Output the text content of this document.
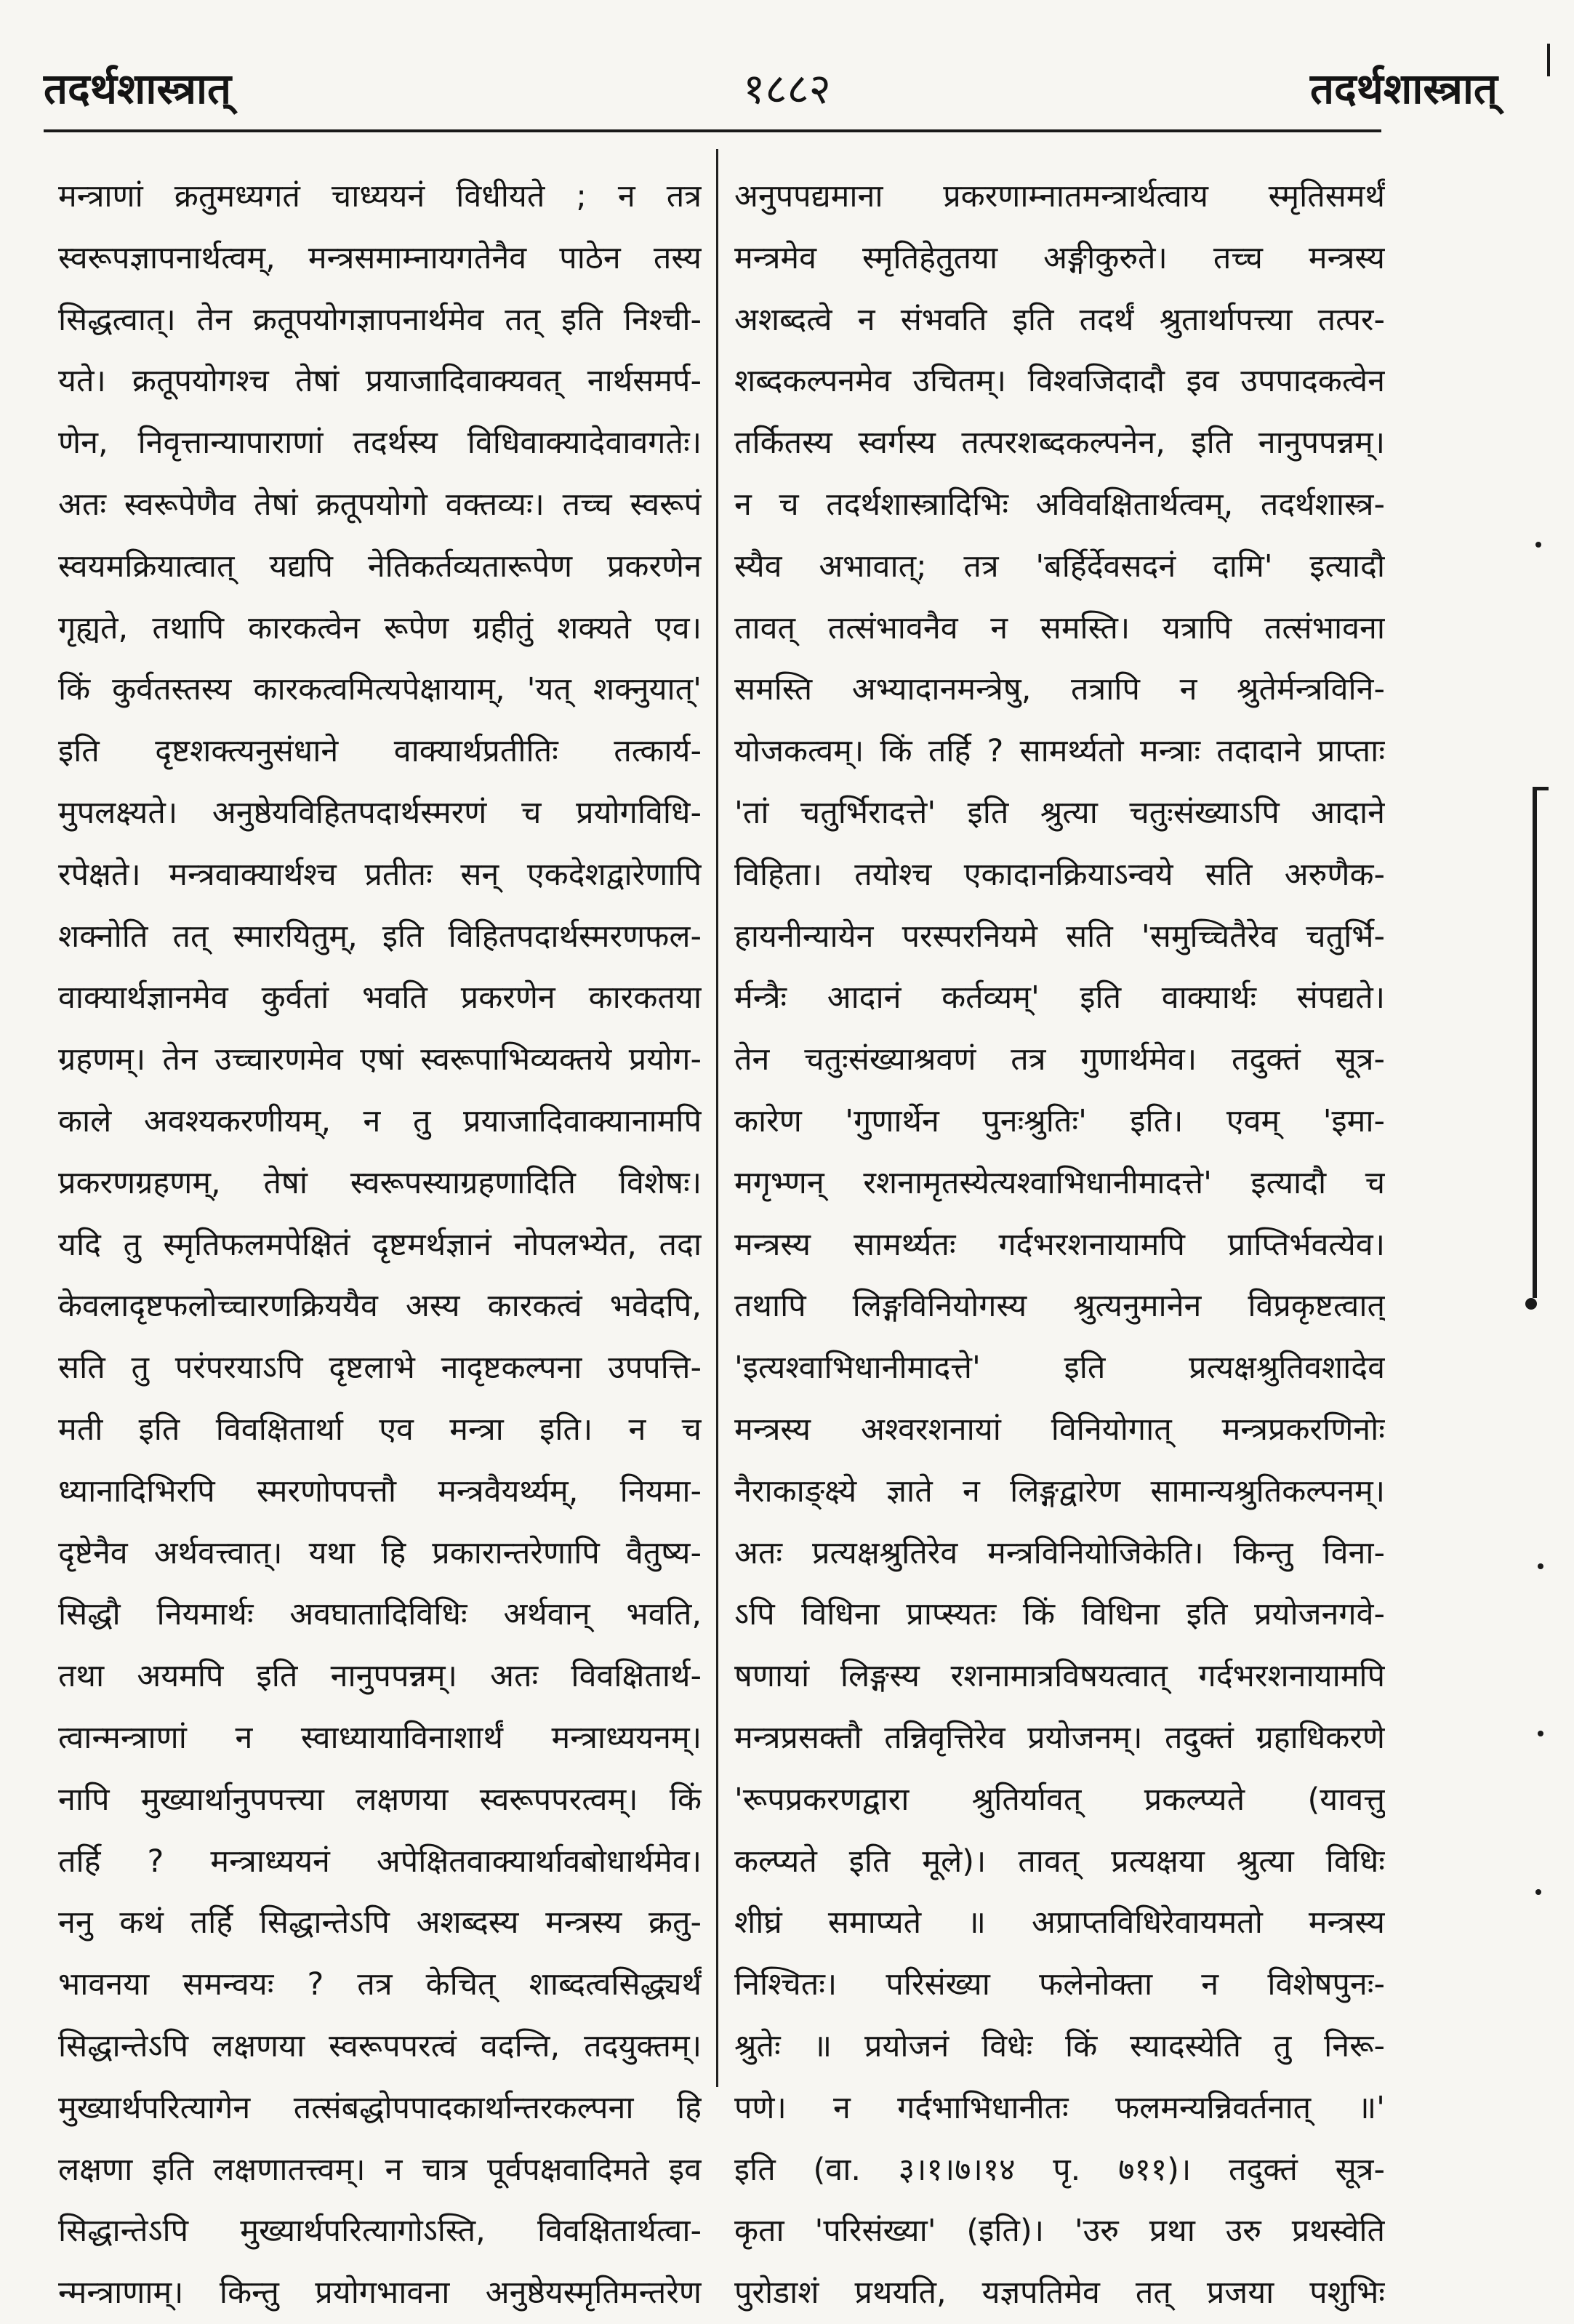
तदर्थशास्त्रात्	१८८२	तदर्थशास्त्रात्
मन्त्राणां क्रतुमध्यगतं चाध्ययनं विधीयते ; न तत्र
स्वरूपज्ञापनार्थत्वम्, मन्त्रसमाम्नायगतेनैव पाठेन तस्य
सिद्धत्वात्। तेन क्रतूपयोगज्ञापनार्थमेव तत् इति निश्ची-
यते। क्रतूपयोगश्च तेषां प्रयाजादिवाक्यवत् नार्थसमर्प-
णेन, निवृत्तान्यापाराणां तदर्थस्य विधिवाक्यादेवावगतेः।
अतः स्वरूपेणैव तेषां क्रतूपयोगो वक्तव्यः। तच्च स्वरूपं
स्वयमक्रियात्वात् यद्यपि नेतिकर्तव्यतारूपेण प्रकरणेन
गृह्यते, तथापि कारकत्वेन रूपेण ग्रहीतुं शक्यते एव।
किं कुर्वतस्तस्य कारकत्वमित्यपेक्षायाम्, 'यत् शक्नुयात्'
इति दृष्टशक्त्यनुसंधाने वाक्यार्थप्रतीतिः तत्कार्य-
मुपलक्ष्यते। अनुष्ठेयविहितपदार्थस्मरणं च प्रयोगविधि-
रपेक्षते। मन्त्रवाक्यार्थश्च प्रतीतः सन् एकदेशद्वारेणापि
शक्नोति तत् स्मारयितुम्, इति विहितपदार्थस्मरणफल-
वाक्यार्थज्ञानमेव कुर्वतां भवति प्रकरणेन कारकतया
ग्रहणम्। तेन उच्चारणमेव एषां स्वरूपाभिव्यक्तये प्रयोग-
काले अवश्यकरणीयम्, न तु प्रयाजादिवाक्यानामपि
प्रकरणग्रहणम्, तेषां स्वरूपस्याग्रहणादिति विशेषः।
यदि तु स्मृतिफलमपेक्षितं दृष्टमर्थज्ञानं नोपलभ्येत, तदा
केवलादृष्टफलोच्चारणक्रिययैव अस्य कारकत्वं भवेदपि,
सति तु परंपरयाऽपि दृष्टलाभे नादृष्टकल्पना उपपत्ति-
मती इति विवक्षितार्था एव मन्त्रा इति। न च
ध्यानादिभिरपि स्मरणोपपत्तौ मन्त्रवैयर्थ्यम्, नियमा-
दृष्टेनैव अर्थवत्त्वात्। यथा हि प्रकारान्तरेणापि वैतुष्य-
सिद्धौ नियमार्थः अवघातादिविधिः अर्थवान् भवति,
तथा अयमपि इति नानुपपन्नम्। अतः विवक्षितार्थ-
त्वान्मन्त्राणां न स्वाध्यायाविनाशार्थं मन्त्राध्ययनम्।
नापि मुख्यार्थानुपपत्त्या लक्षणया स्वरूपपरत्वम्। किं
तर्हि ? मन्त्राध्ययनं अपेक्षितवाक्यार्थावबोधार्थमेव।
ननु कथं तर्हि सिद्धान्तेऽपि अशब्दस्य मन्त्रस्य क्रतु-
भावनया समन्वयः ? तत्र केचित् शाब्दत्वसिद्ध्यर्थं
सिद्धान्तेऽपि लक्षणया स्वरूपपरत्वं वदन्ति, तदयुक्तम्।
मुख्यार्थपरित्यागेन तत्संबद्धोपपादकार्थान्तरकल्पना हि
लक्षणा इति लक्षणातत्त्वम्। न चात्र पूर्वपक्षवादिमते इव
सिद्धान्तेऽपि मुख्यार्थपरित्यागोऽस्ति, विवक्षितार्थत्वा-
न्मन्त्राणाम्। किन्तु प्रयोगभावना अनुष्ठेयस्मृतिमन्तरेण
अनुपपद्यमाना प्रकरणाम्नातमन्त्रार्थत्वाय स्मृतिसमर्थं
मन्त्रमेव स्मृतिहेतुतया अङ्गीकुरुते। तच्च मन्त्रस्य
अशब्दत्वे न संभवति इति तदर्थं श्रुतार्थापत्त्या तत्पर-
शब्दकल्पनमेव उचितम्। विश्वजिदादौ इव उपपादकत्वेन
तर्कितस्य स्वर्गस्य तत्परशब्दकल्पनेन, इति नानुपपन्नम्।
न च तदर्थशास्त्रादिभिः अविवक्षितार्थत्वम्, तदर्थशास्त्र-
स्यैव अभावात्; तत्र 'बर्हिर्देवसदनं दामि' इत्यादौ
तावत् तत्संभावनैव न समस्ति। यत्रापि तत्संभावना
समस्ति अभ्यादानमन्त्रेषु, तत्रापि न श्रुतेर्मन्त्रविनि-
योजकत्वम्। किं तर्हि ? सामर्थ्यतो मन्त्राः तदादाने प्राप्ताः
'तां चतुर्भिरादत्ते' इति श्रुत्या चतुःसंख्याऽपि आदाने
विहिता। तयोश्च एकादानक्रियाऽन्वये सति अरुणैक-
हायनीन्यायेन परस्परनियमे सति 'समुच्चितैरेव चतुर्भि-
र्मन्त्रैः आदानं कर्तव्यम्' इति वाक्यार्थः संपद्यते।
तेन चतुःसंख्याश्रवणं तत्र गुणार्थमेव। तदुक्तं सूत्र-
कारेण 'गुणार्थेन पुनःश्रुतिः' इति। एवम् 'इमा-
मगृभ्णन् रशनामृतस्येत्यश्वाभिधानीमादत्ते' इत्यादौ च
मन्त्रस्य सामर्थ्यतः गर्दभरशनायामपि प्राप्तिर्भवत्येव।
तथापि लिङ्गविनियोगस्य श्रुत्यनुमानेन विप्रकृष्टत्वात्
'इत्यश्वाभिधानीमादत्ते' इति प्रत्यक्षश्रुतिवशादेव
मन्त्रस्य अश्वरशनायां विनियोगात् मन्त्रप्रकरणिनोः
नैराकाङ्क्ष्ये ज्ञाते न लिङ्गद्वारेण सामान्यश्रुतिकल्पनम्।
अतः प्रत्यक्षश्रुतिरेव मन्त्रविनियोजिकेति। किन्तु विना-
ऽपि विधिना प्राप्स्यतः किं विधिना इति प्रयोजनगवे-
षणायां लिङ्गस्य रशनामात्रविषयत्वात् गर्दभरशनायामपि
मन्त्रप्रसक्तौ तन्निवृत्तिरेव प्रयोजनम्। तदुक्तं ग्रहाधिकरणे
'रूपप्रकरणद्वारा श्रुतिर्यावत् प्रकल्प्यते (यावत्तु
कल्प्यते इति मूले)। तावत् प्रत्यक्षया श्रुत्या विधिः
शीघ्रं समाप्यते ॥ अप्राप्तविधिरेवायमतो मन्त्रस्य
निश्चितः। परिसंख्या फलेनोक्ता न विशेषपुनः-
श्रुतेः ॥ प्रयोजनं विधेः किं स्यादस्येति तु निरू-
पणे। न गर्दभाभिधानीतः फलमन्यन्निवर्तनात् ॥'
इति (वा. ३।१।७।१४ पृ. ७११)। तदुक्तं सूत्र-
कृता 'परिसंख्या' (इति)। 'उरु प्रथा उरु प्रथस्वेति
पुरोडाशं प्रथयति, यज्ञपतिमेव तत् प्रजया पशुभिः
